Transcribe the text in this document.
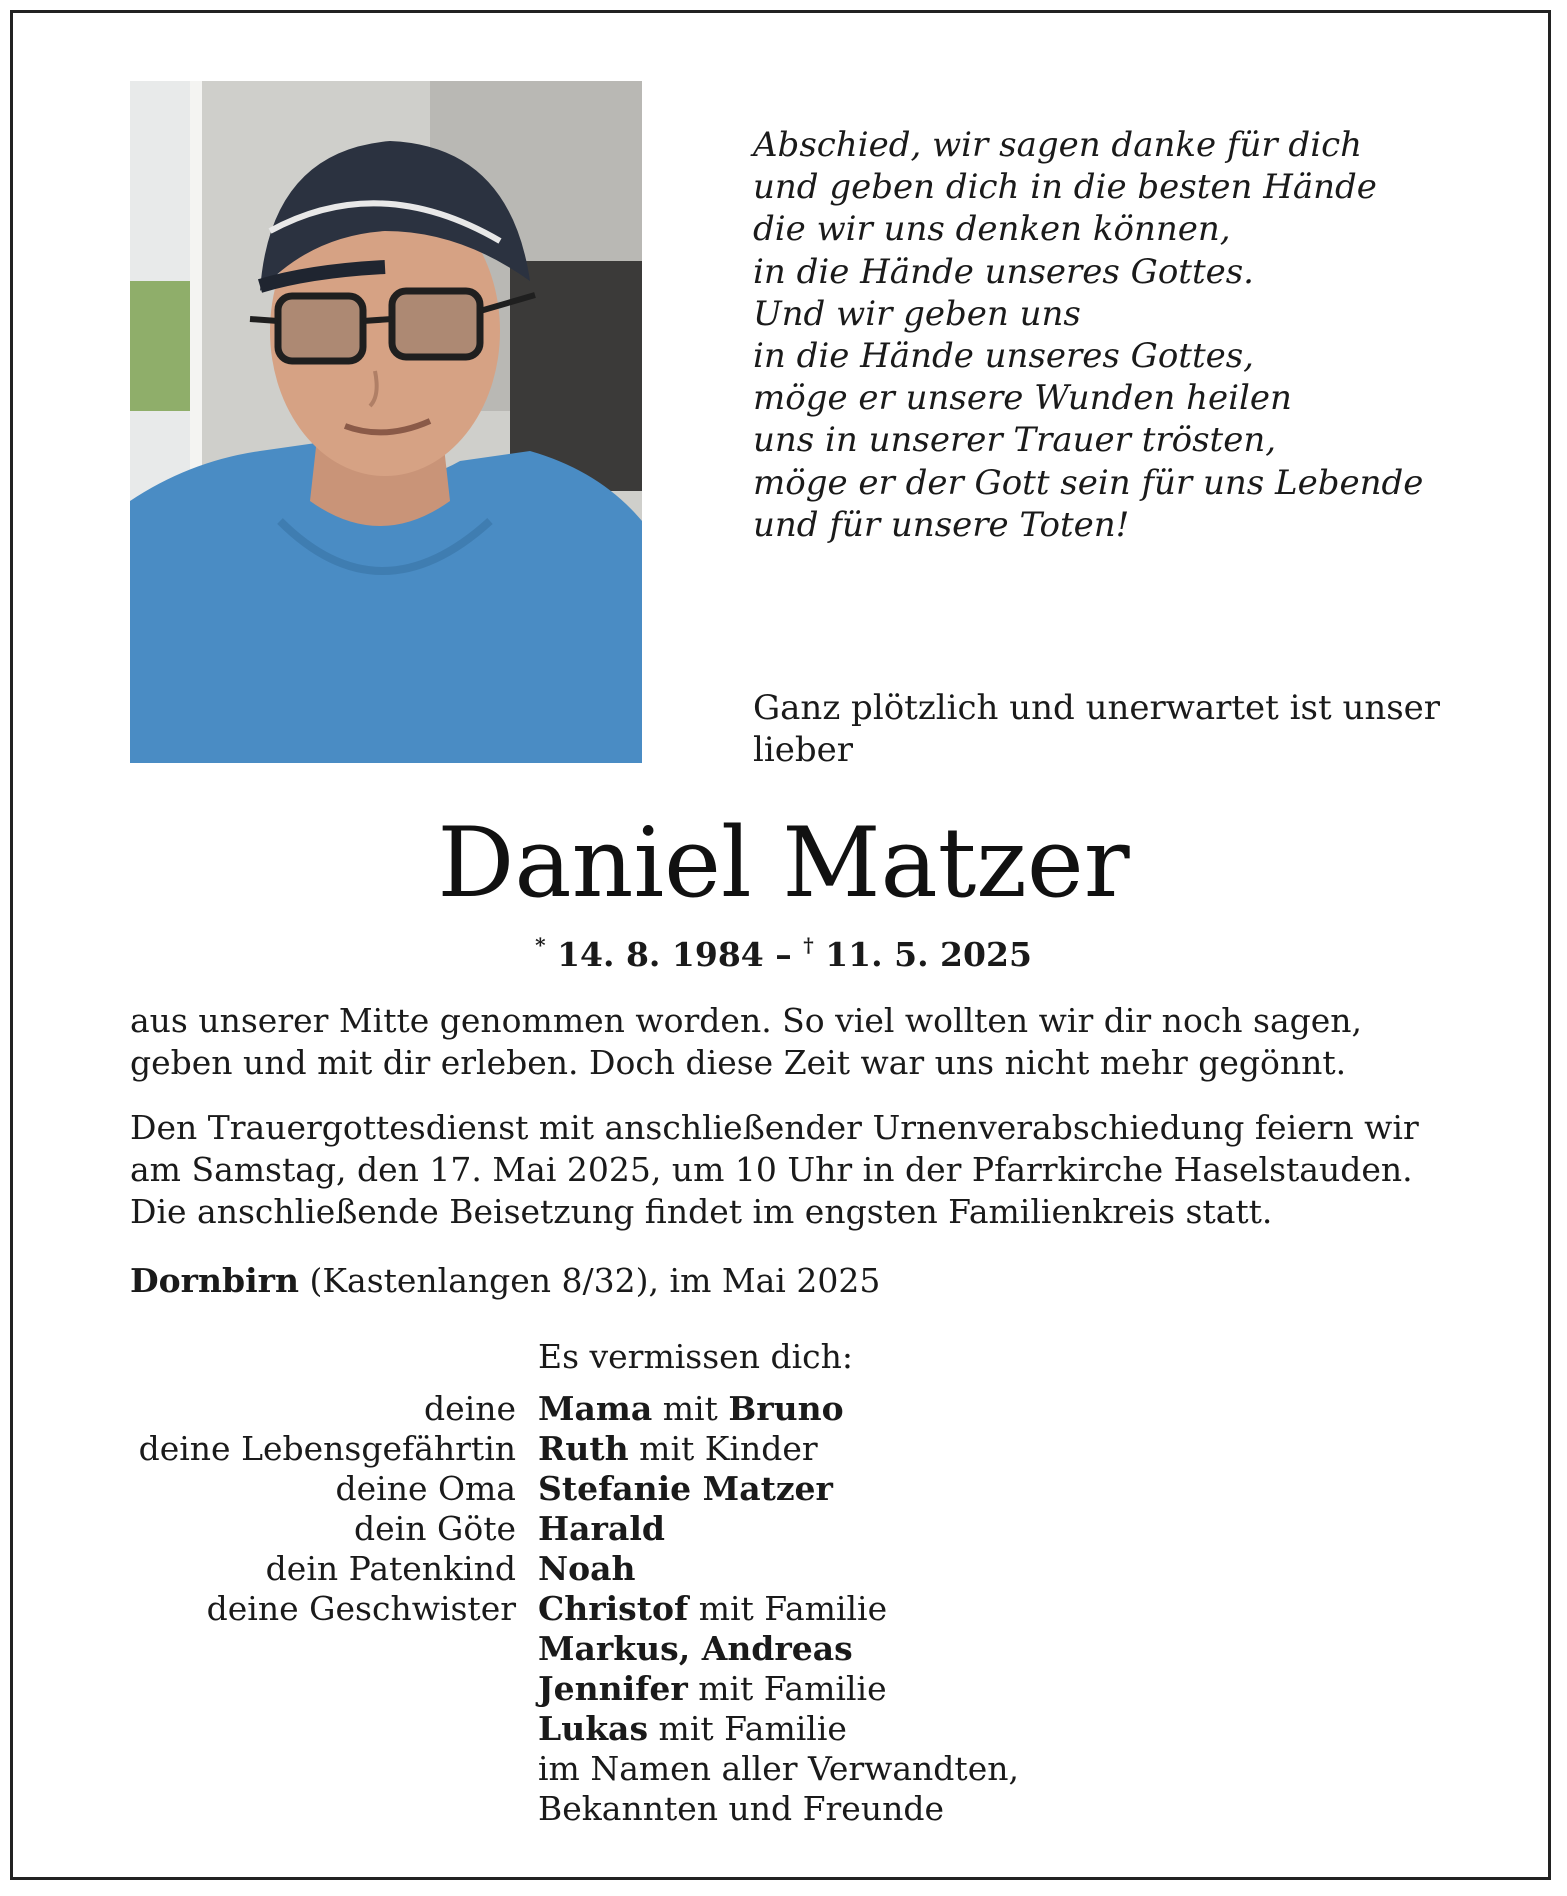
Abschied, wir sagen danke für dich
und geben dich in die besten Hände
die wir uns denken können,
in die Hände unseres Gottes.
Und wir geben uns
in die Hände unseres Gottes,
möge er unsere Wunden heilen
uns in unserer Trauer trösten,
möge er der Gott sein für uns Lebende
und für unsere Toten!
Ganz plötzlich und unerwartet ist unser
lieber
Daniel Matzer
* 14. 8. 1984 – † 11. 5. 2025
aus unserer Mitte genommen worden. So viel wollten wir dir noch sagen,
geben und mit dir erleben. Doch diese Zeit war uns nicht mehr gegönnt.
Den Trauergottesdienst mit anschließender Urnenverabschiedung feiern wir
am Samstag, den 17. Mai 2025, um 10 Uhr in der Pfarrkirche Haselstauden.
Die anschließende Beisetzung findet im engsten Familienkreis statt.
Dornbirn (Kastenlangen 8/32), im Mai 2025
Es vermissen dich:
deine Mama mit Bruno
deine Lebensgefährtin Ruth mit Kinder
deine Oma Stefanie Matzer
dein Göte Harald
dein Patenkind Noah
deine Geschwister Christof mit Familie
Markus, Andreas
Jennifer mit Familie
Lukas mit Familie
im Namen aller Verwandten,
Bekannten und Freunde
